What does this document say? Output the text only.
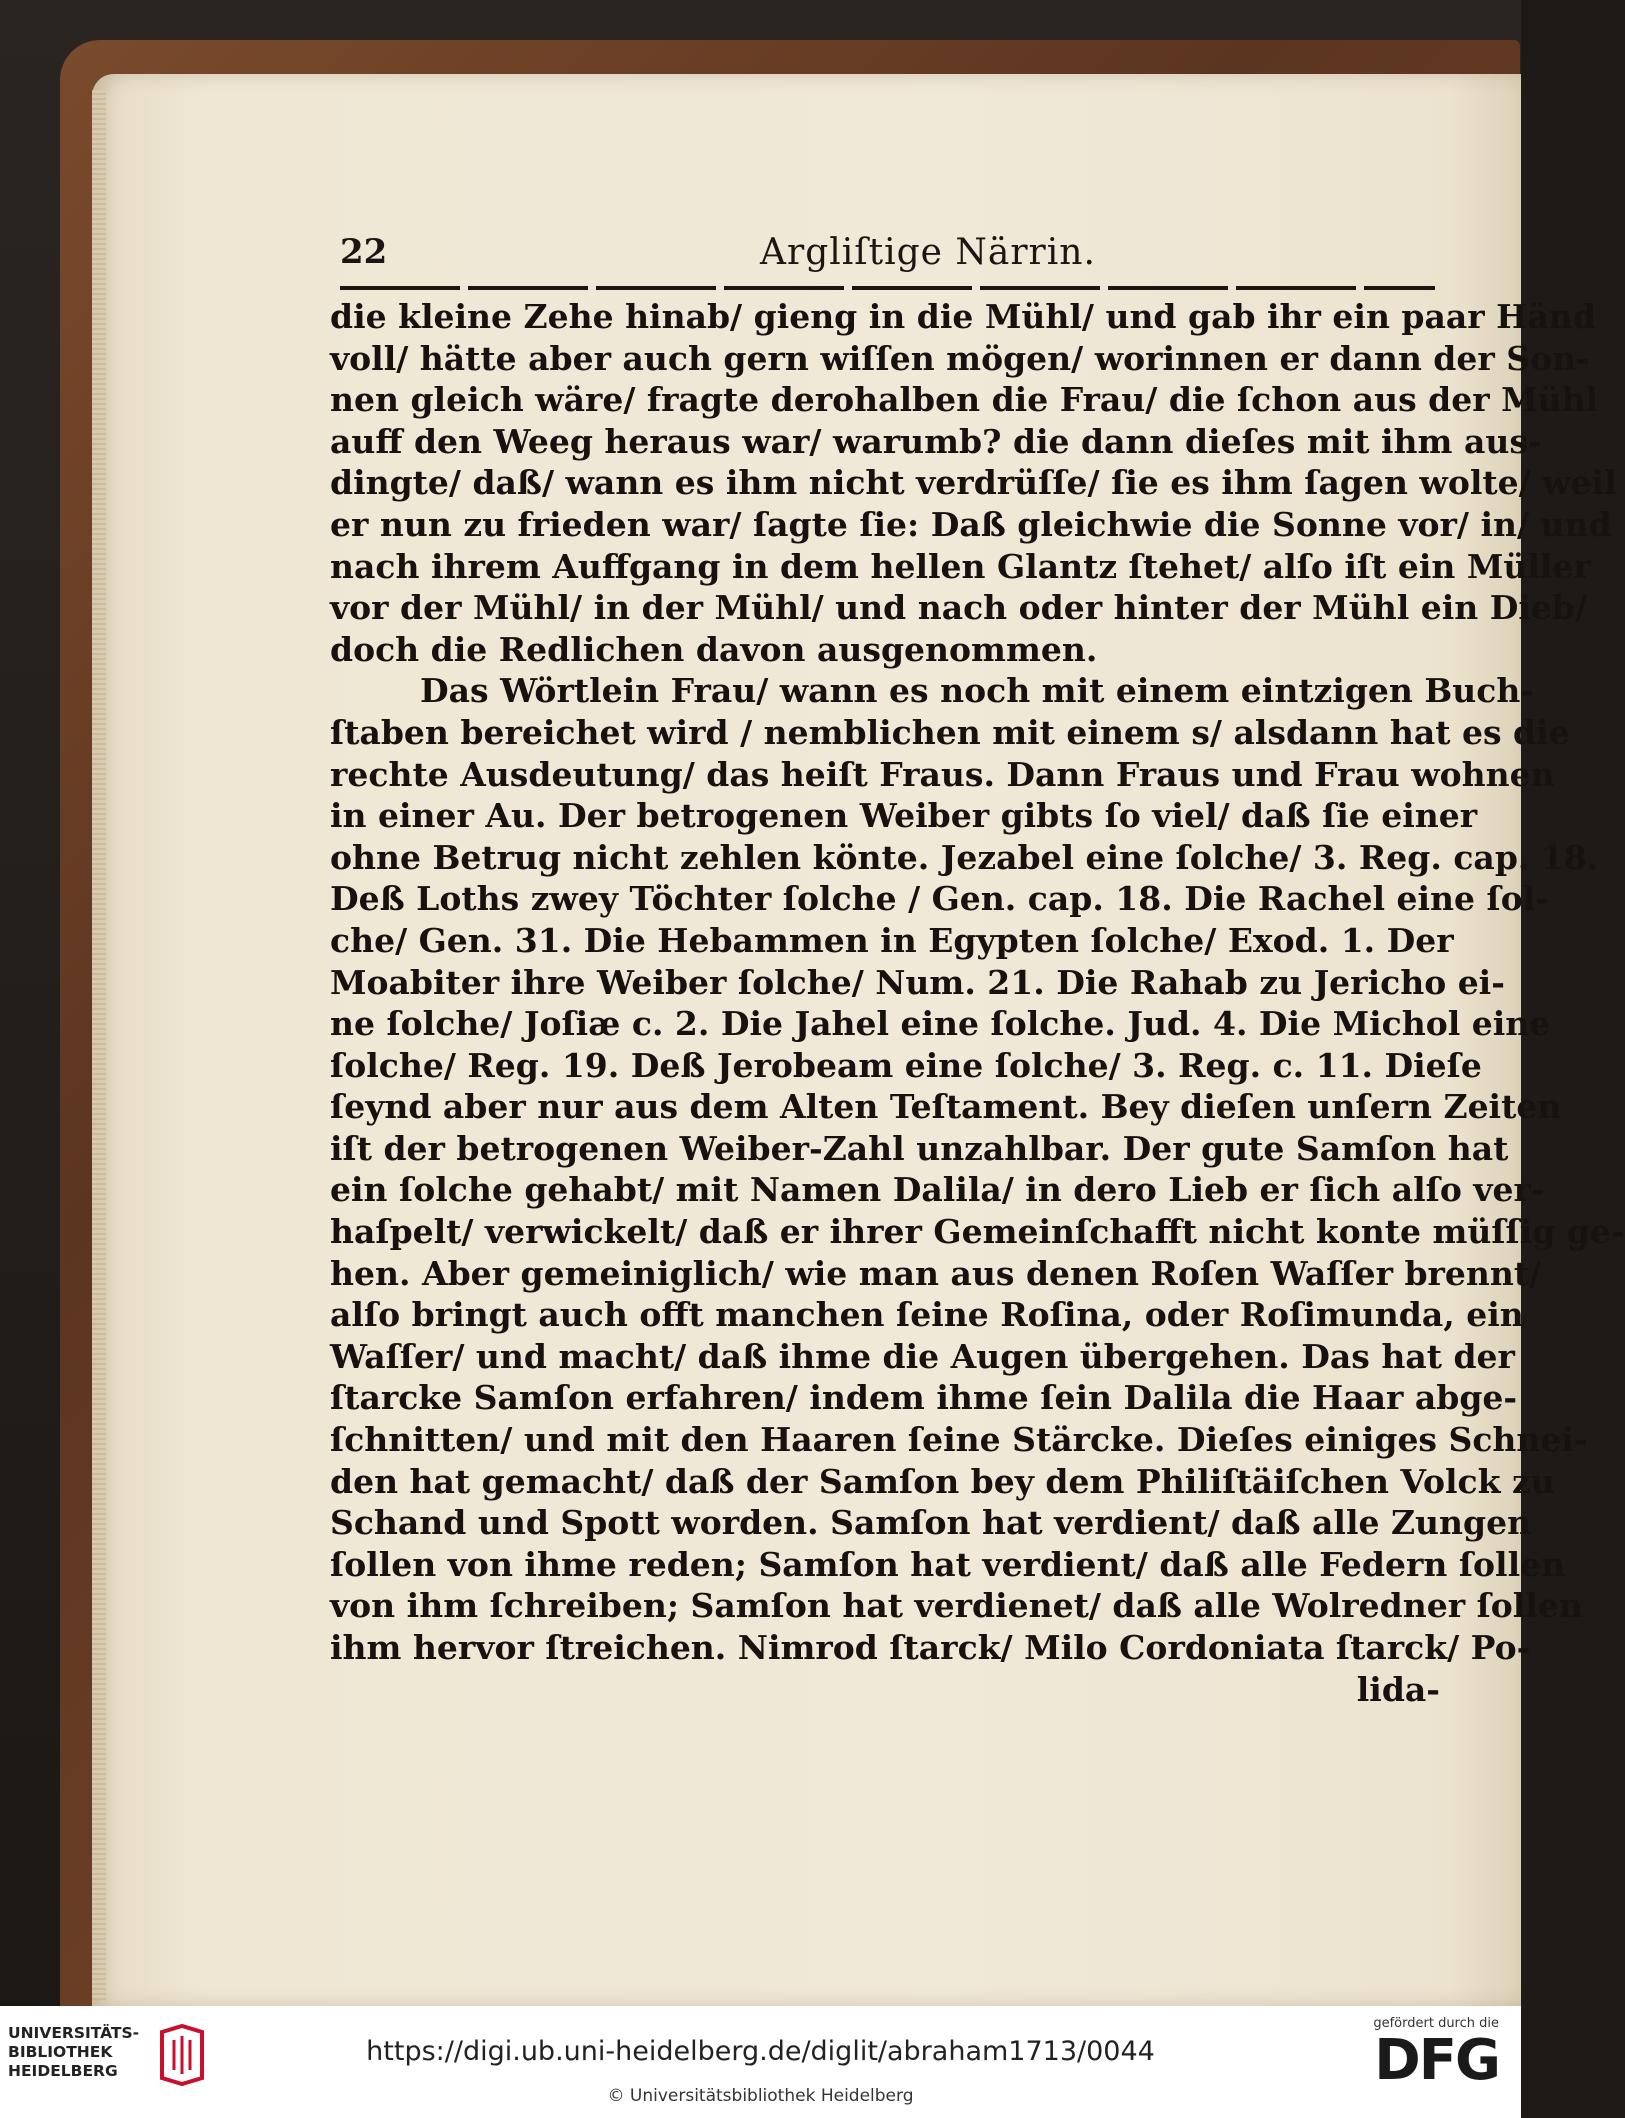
22	Argliſtige Närrin.
die kleine Zehe hinab/ gieng in die Mühl/ und gab ihr ein paar Händ
voll/ hätte aber auch gern wiſſen mögen/ worinnen er dann der Son-
nen gleich wäre/ fragte derohalben die Frau/ die ſchon aus der Mühl
auff den Weeg heraus war/ warumb? die dann dieſes mit ihm aus-
dingte/ daß/ wann es ihm nicht verdrüſſe/ ſie es ihm ſagen wolte/ weil
er nun zu frieden war/ ſagte ſie: Daß gleichwie die Sonne vor/ in/ und
nach ihrem Auffgang in dem hellen Glantz ſtehet/ alſo iſt ein Müller
vor der Mühl/ in der Mühl/ und nach oder hinter der Mühl ein Dieb/
doch die Redlichen davon ausgenommen.
Das Wörtlein Frau/ wann es noch mit einem eintzigen Buch-
ſtaben bereichet wird / nemblichen mit einem s/ alsdann hat es die
rechte Ausdeutung/ das heiſt Fraus. Dann Fraus und Frau wohnen
in einer Au. Der betrogenen Weiber gibts ſo viel/ daß ſie einer
ohne Betrug nicht zehlen könte. Jezabel eine ſolche/ 3. Reg. cap. 18.
Deß Loths zwey Töchter ſolche / Gen. cap. 18. Die Rachel eine ſol-
che/ Gen. 31. Die Hebammen in Egypten ſolche/ Exod. 1. Der
Moabiter ihre Weiber ſolche/ Num. 21. Die Rahab zu Jericho ei-
ne ſolche/ Joſiæ c. 2. Die Jahel eine ſolche. Jud. 4. Die Michol eine
ſolche/ Reg. 19. Deß Jerobeam eine ſolche/ 3. Reg. c. 11. Dieſe
ſeynd aber nur aus dem Alten Teſtament. Bey dieſen unſern Zeiten
iſt der betrogenen Weiber-Zahl unzahlbar. Der gute Samſon hat
ein ſolche gehabt/ mit Namen Dalila/ in dero Lieb er ſich alſo ver-
haſpelt/ verwickelt/ daß er ihrer Gemeinſchafft nicht konte müſſig ge-
hen. Aber gemeiniglich/ wie man aus denen Roſen Waſſer brennt/
alſo bringt auch offt manchen ſeine Roſina, oder Roſimunda, ein
Waſſer/ und macht/ daß ihme die Augen übergehen. Das hat der
ſtarcke Samſon erfahren/ indem ihme ſein Dalila die Haar abge-
ſchnitten/ und mit den Haaren ſeine Stärcke. Dieſes einiges Schnei-
den hat gemacht/ daß der Samſon bey dem Philiſtäiſchen Volck zu
Schand und Spott worden. Samſon hat verdient/ daß alle Zungen
ſollen von ihme reden; Samſon hat verdient/ daß alle Federn ſollen
von ihm ſchreiben; Samſon hat verdienet/ daß alle Wolredner ſollen
ihm hervor ſtreichen. Nimrod ſtarck/ Milo Cordoniata ſtarck/ Po-
lida-
UNIVERSITÄTS-
BIBLIOTHEK
HEIDELBERG
https://digi.ub.uni-heidelberg.de/diglit/abraham1713/0044
© Universitätsbibliothek Heidelberg
gefördert durch die
DFG
